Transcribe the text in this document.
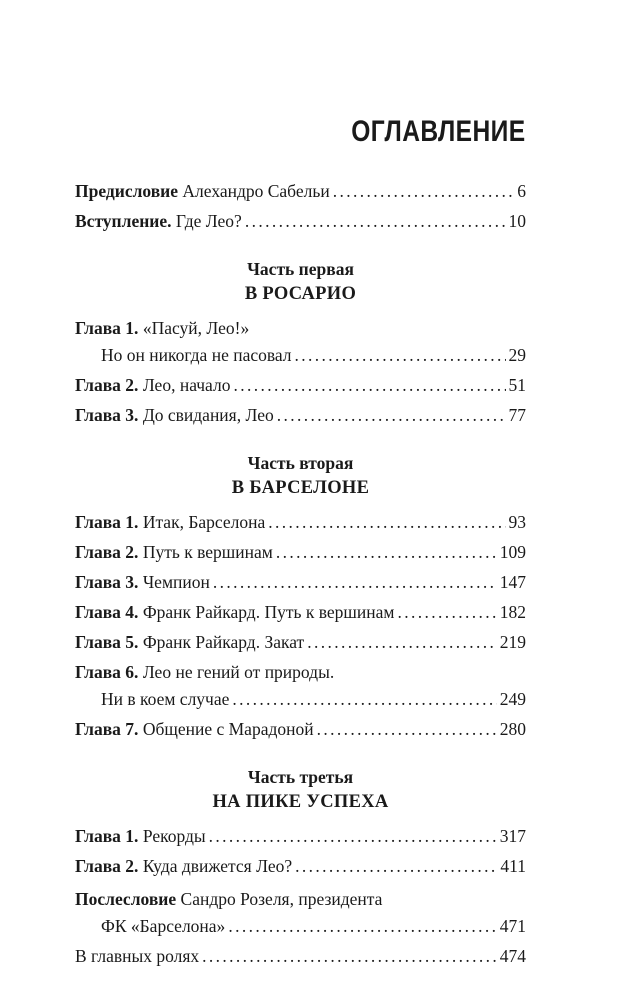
ОГЛАВЛЕНИЕ
Предисловие Алехандро Сабельи . . .	6
Вступление. Где Лео? . . .	10
Часть первая
В РОСАРИО
Глава 1. «Пасуй, Лео!»
Но он никогда не пасовал . . .	29
Глава 2. Лео, начало . . .	51
Глава 3. До свидания, Лео . . .	77
Часть вторая
В БАРСЕЛОНЕ
Глава 1. Итак, Барселона . . .	93
Глава 2. Путь к вершинам . . .	109
Глава 3. Чемпион . . .	147
Глава 4. Франк Райкард. Путь к вершинам . . .	182
Глава 5. Франк Райкард. Закат . . .	219
Глава 6. Лео не гений от природы.
Ни в коем случае . . .	249
Глава 7. Общение с Марадоной . . .	280
Часть третья
НА ПИКЕ УСПЕХА
Глава 1. Рекорды . . .	317
Глава 2. Куда движется Лео? . . .	411
Послесловие Сандро Розеля, президента
ФК «Барселона» . . .	471
В главных ролях . . .	474
